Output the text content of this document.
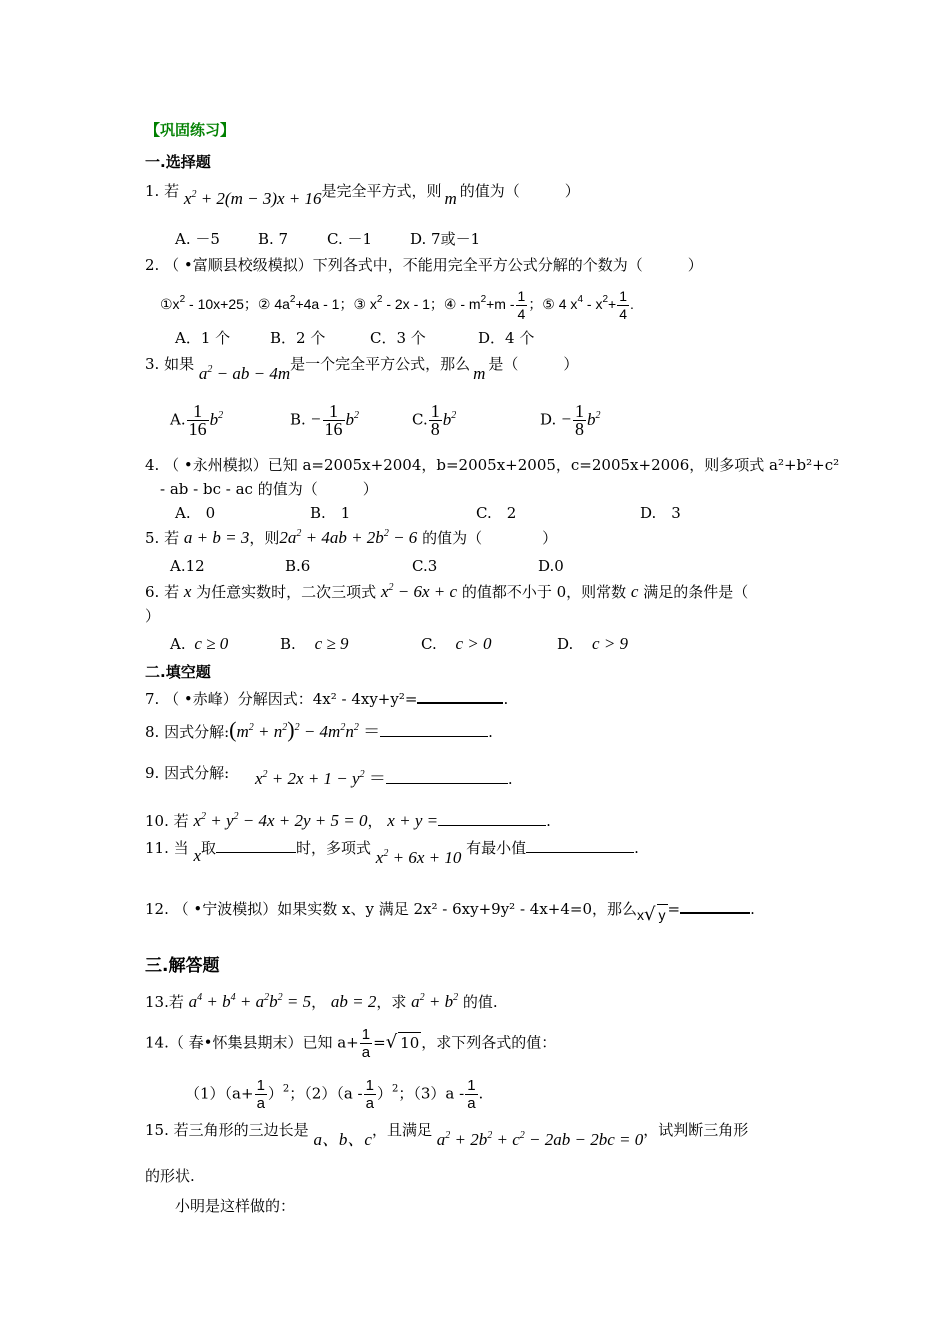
【巩固练习】
一.选择题
1. 若 $x^2 + 2(m - 3)x + 16$是完全平方式，则 m 的值为（　　　）
A. －5	B. 7	C. －1	D. 7或－1
2. （ •富顺县校级模拟）下列各式中，不能用完全平方公式分解的个数为（　　　）
$①x^2 - 10x+25$；② $4a^2+4a - 1$；③ $x^2 - 2x - 1$；④ - $m^2+m - \frac{1}{4}$ ；⑤ 4 $x^4 - x^2+ \frac{1}{4}$ .
A．1 个	B．2 个	C．3 个	D．4 个
3. 如果 $a^2$ − ab − 4m是一个完全平方公式，那么 m 是（　　　）
A. $\frac{1}{16} b^2$	B. − $\frac{1}{16} b^2$	C. $\frac{1}{8} b^2$	D. − $\frac{1}{8} b^2$
4. （ •永州模拟）已知 a=2005x+2004，b=2005x+2005，c=2005x+2006，则多项式 a²+b²+c²
- ab - bc - ac 的值为（　　　）
A.　0	B.　1	C.　2	D.　3
5. 若 a + b = 3，则$2a^2 + 4ab + 2b^2 - 6$ 的值为（　　　　）
A.12	B.6	C.3	D.0
6. 若 x 为任意实数时，二次三项式 $x^2 - 6x + c$ 的值都不小于 0，则常数 c 满足的条件是（
）
A. c ≥ 0	B. c ≥ 9	C. c > 0	D. c > 9
二.填空题
7. （ •赤峰）分解因式：4x² - 4xy+y²=	.
8. 因式分解$:(m^2 + n^2)^2 - 4m^2n^2$ ＝	.
9. 因式分解: $x^2 + 2x + 1 - y^2$ ＝	.
10. 若 $x^2 + y^2 - 4x + 2y + 5 = 0$， x + y =	.
11. 当 x取	时，多项式 $x^2 + 6x + 10$ 有最小值	.
12. （ •宁波模拟）如果实数 x、y 满足 2x² - 6xy+9y² - 4x+4=0，那么x√ y =	.
三.解答题
13.若 $a^4 + b^4 + a^2b^2 = 5$， ab = 2，求 $a^2 + b^2$ 的值.
14.（ 春•怀集县期末）已知 $a+ \frac{1}{a}$ =√ 10 ，求下列各式的值：
$(1)(a+ \frac{1}{a} )^2$；$(2)(a - \frac{1}{a} )^2$；$(3)a - \frac{1}{a}$ .
15. 若三角形的三边长是 a、b、c，且满足 $a^2 + 2b^2 + c^2 - 2ab - 2bc = 0$，试判断三角形
的形状.
小明是这样做的：
